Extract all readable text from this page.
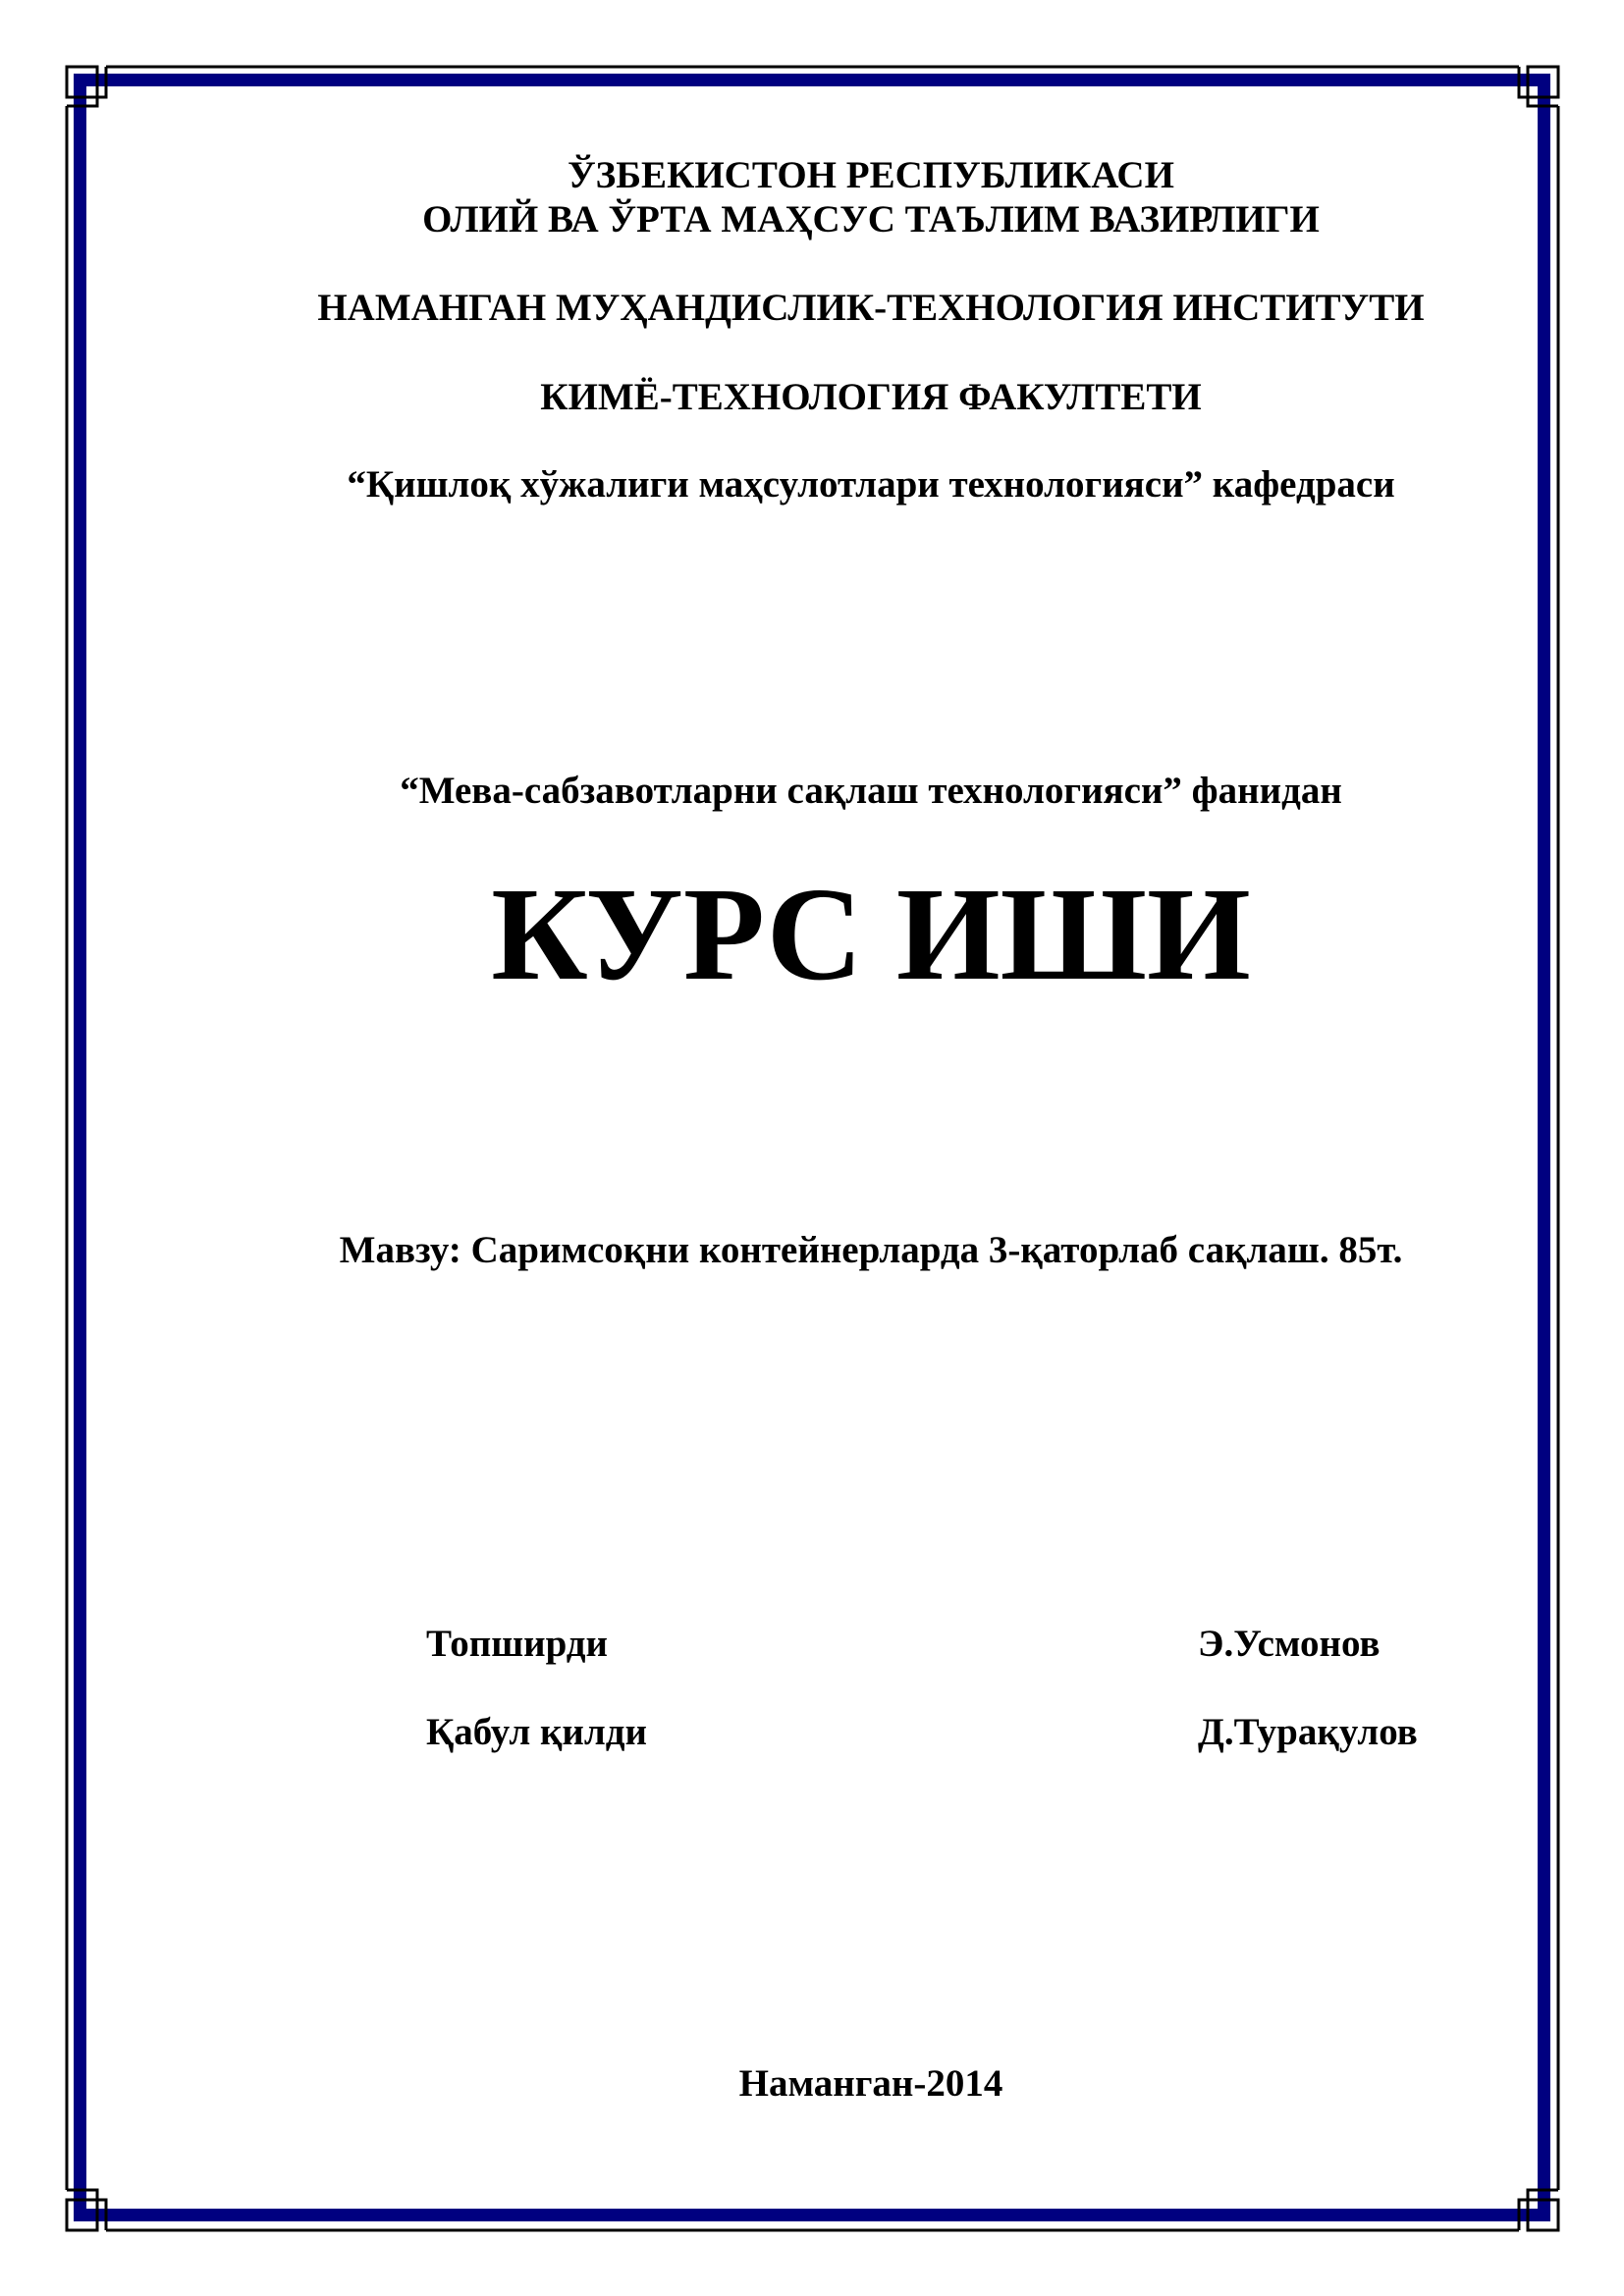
ЎЗБЕКИСТОН РЕСПУБЛИКАСИ
ОЛИЙ ВА ЎРТА МАҲСУС ТАЪЛИМ ВАЗИРЛИГИ
НАМАНГАН МУҲАНДИСЛИК-ТЕХНОЛОГИЯ ИНСТИТУТИ
КИМЁ-ТЕХНОЛОГИЯ ФАКУЛТЕТИ
“Қишлоқ хўжалиги маҳсулотлари технологияси” кафедраси
“Мева-сабзавотларни сақлаш технологияси” фанидан
КУРС ИШИ
Мавзу: Саримсоқни контейнерларда 3-қаторлаб сақлаш. 85т.
Топширди	Э.Усмонов
Қабул қилди	Д.Турақулов
Наманган-2014
